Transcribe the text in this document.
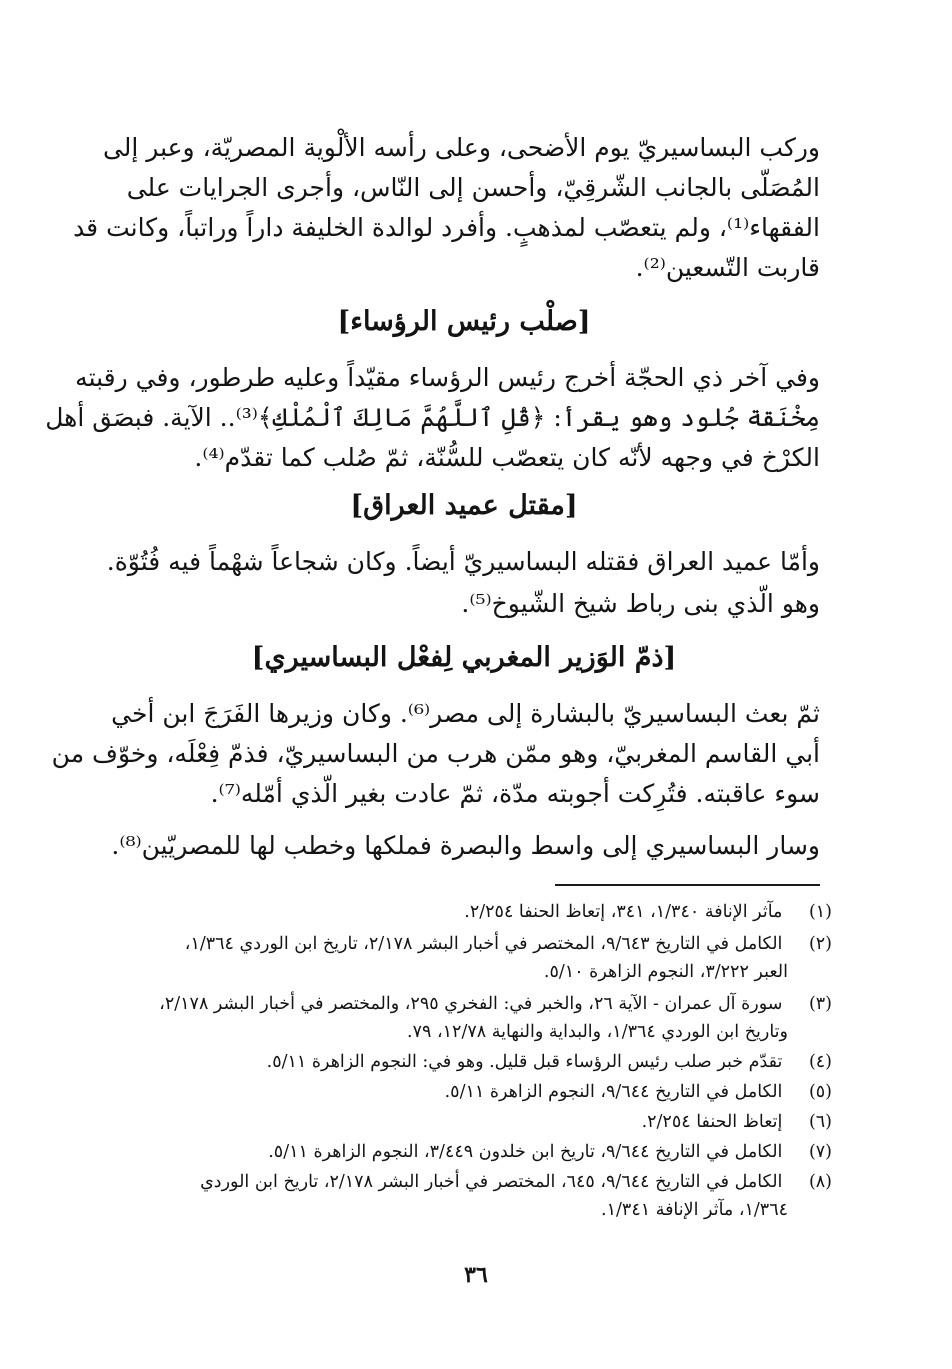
وركب البساسيريّ يوم الأضحى، وعلى رأسه الألْوية المصريّة، وعبر إلى
المُصَلّى بالجانب الشّرقِيّ، وأحسن إلى النّاس، وأجرى الجرايات على
الفقهاء⁽¹⁾، ولم يتعصّب لمذهبٍ. وأفرد لوالدة الخليفة داراً وراتباً، وكانت قد
قاربت التّسعين⁽²⁾.
[صلْب رئيس الرؤساء]
وفي آخر ذي الحجّة أخرج رئيس الرؤساء مقيّداً وعليه طرطور، وفي رقبته
مِخْنَقة جُلود وهو يقرأ: ﴿قُلِ ٱللَّهُمَّ مَالِكَ ٱلْمُلْكِ﴾⁽³⁾.. الآية. فبصَق أهل
الكرْخ في وجهه لأنّه كان يتعصّب للسُّنّة، ثمّ صُلب كما تقدّم⁽⁴⁾.
[مقتل عميد العراق]
وأمّا عميد العراق فقتله البساسيريّ أيضاً. وكان شجاعاً شهْماً فيه فُتُوّة.
وهو الّذي بنى رباط شيخ الشّيوخ⁽⁵⁾.
[ذمّ الوَزير المغربي لِفعْل البساسيري]
ثمّ بعث البساسيريّ بالبشارة إلى مصر⁽⁶⁾. وكان وزيرها الفَرَجَ ابن أخي
أبي القاسم المغربيّ، وهو ممّن هرب من البساسيريّ، فذمّ فِعْلَه، وخوّف من
سوء عاقبته. فتُرِكت أجوبته مدّة، ثمّ عادت بغير الّذي أمّله⁽⁷⁾.
وسار البساسيري إلى واسط والبصرة فملكها وخطب لها للمصريّين⁽⁸⁾.
(١) مآثر الإنافة ١/٣٤٠، ٣٤١، إتعاظ الحنفا ٢/٢٥٤.
(٢) الكامل في التاريخ ٩/٦٤٣، المختصر في أخبار البشر ٢/١٧٨، تاريخ ابن الوردي ١/٣٦٤،
العبر ٣/٢٢٢، النجوم الزاهرة ٥/١٠.
(٣) سورة آل عمران - الآية ٢٦، والخبر في: الفخري ٢٩٥، والمختصر في أخبار البشر ٢/١٧٨،
وتاريخ ابن الوردي ١/٣٦٤، والبداية والنهاية ١٢/٧٨، ٧٩.
(٤) تقدّم خبر صلب رئيس الرؤساء قبل قليل. وهو في: النجوم الزاهرة ٥/١١.
(٥) الكامل في التاريخ ٩/٦٤٤، النجوم الزاهرة ٥/١١.
(٦) إتعاظ الحنفا ٢/٢٥٤.
(٧) الكامل في التاريخ ٩/٦٤٤، تاريخ ابن خلدون ٣/٤٤٩، النجوم الزاهرة ٥/١١.
(٨) الكامل في التاريخ ٩/٦٤٤، ٦٤٥، المختصر في أخبار البشر ٢/١٧٨، تاريخ ابن الوردي
١/٣٦٤، مآثر الإنافة ١/٣٤١.
٣٦
